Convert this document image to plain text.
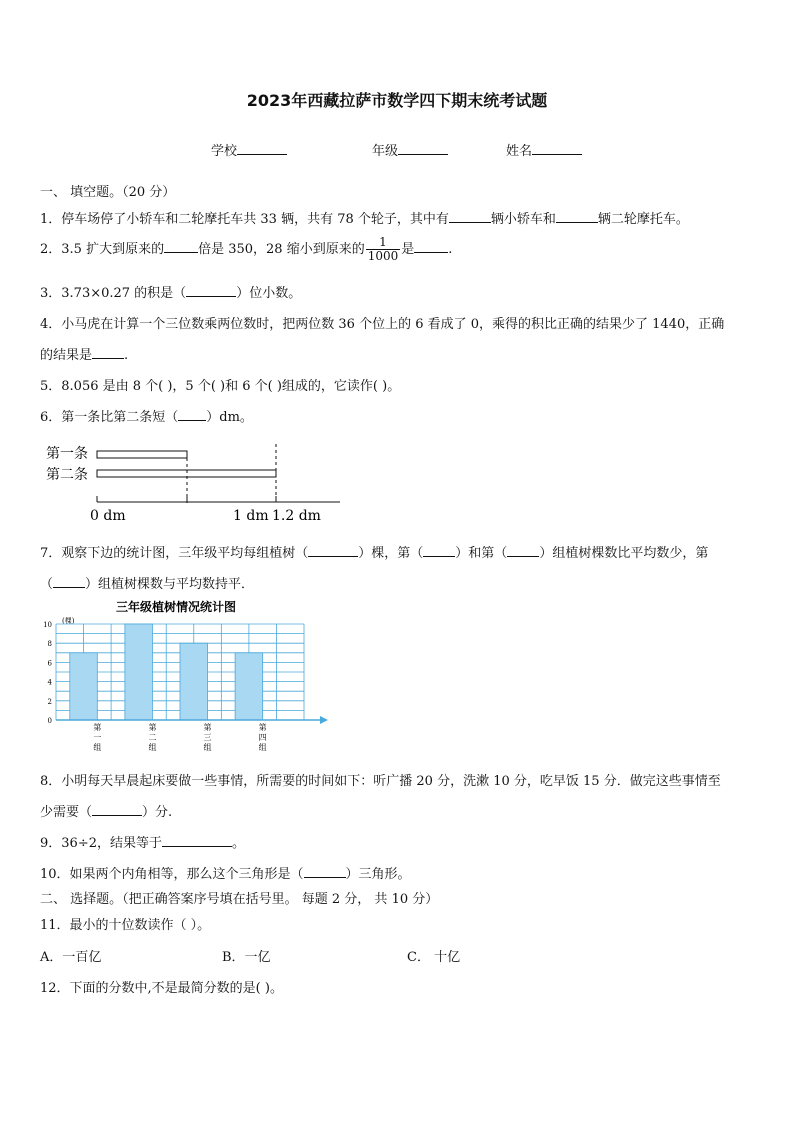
2023年西藏拉萨市数学四下期末统考试题
学校	年级	姓名
一、 填空题。（20 分）
1．停车场停了小轿车和二轮摩托车共 33 辆，共有 78 个轮子，其中有	辆小轿车和	辆二轮摩托车。
2．3.5 扩大到原来的	倍是 350，28 缩小到原来的 $\frac{1}{1000}$ 是	.
3．3.73×0.27 的积是（	）位小数。
4．小马虎在计算一个三位数乘两位数时，把两位数 36 个位上的 6 看成了 0，乘得的积比正确的结果少了 1440，正确
的结果是 .
5．8.056 是由 8 个( )，5 个( )和 6 个( )组成的，它读作( )。
6．第一条比第二条短（ ）dm。
第一条
第二条
0 dm	1 dm 1.2 dm
7．观察下边的统计图，三年级平均每组植树（	）棵，第（ ）和第（ ）组植树棵数比平均数少，第
（ ）组植树棵数与平均数持平．
三年级植树情况统计图
(棵)
0
2
4
6
8
10
第一组
第二组
第三组
第四组
8．小明每天早晨起床要做一些事情，所需要的时间如下：听广播 20 分，洗漱 10 分，吃早饭 15 分．做完这些事情至
少需要（	）分.
9．36÷2，结果等于	。
10．如果两个内角相等，那么这个三角形是（	）三角形。
二、 选择题。（把正确答案序号填在括号里。 每题 2 分， 共 10 分）
11．最小的十位数读作（ ）。
A．一百亿	B．一亿	C． 十亿
12．下面的分数中,不是最简分数的是( )。
